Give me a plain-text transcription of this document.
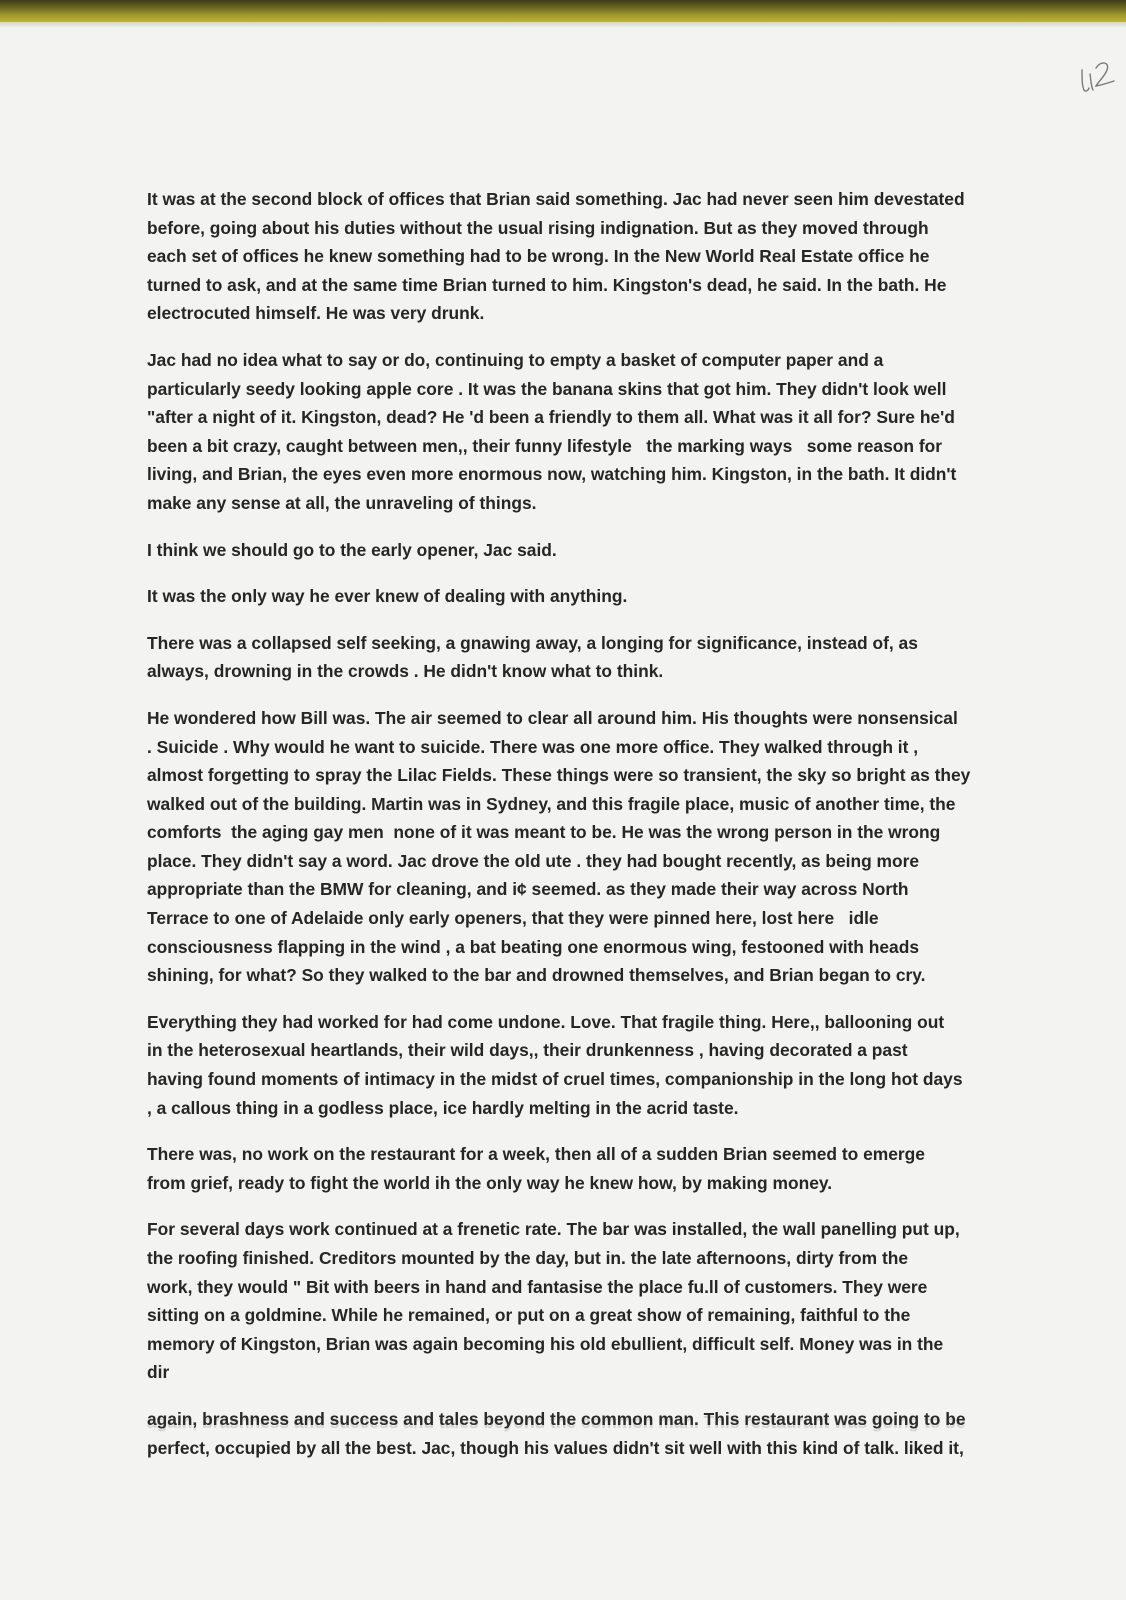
It was at the second block of offices that Brian said something. Jac had never seen him devestated
before, going about his duties without the usual rising indignation. But as they moved through
each set of offices he knew something had to be wrong. In the New World Real Estate office he
turned to ask, and at the same time Brian turned to him. Kingston's dead, he said. In the bath. He
electrocuted himself. He was very drunk.

Jac had no idea what to say or do, continuing to empty a basket of computer paper and a
particularly seedy looking apple core . It was the banana skins that got him. They didn't look well
"after a night of it. Kingston, dead? He 'd been a friendly to them all. What was it all for? Sure he'd
been a bit crazy, caught between men,, their funny lifestyle   the marking ways   some reason for
living, and Brian, the eyes even more enormous now, watching him. Kingston, in the bath. It didn't
make any sense at all, the unraveling of things.

I think we should go to the early opener, Jac said.

It was the only way he ever knew of dealing with anything.

There was a collapsed self seeking, a gnawing away, a longing for significance, instead of, as
always, drowning in the crowds . He didn't know what to think.

He wondered how Bill was. The air seemed to clear all around him. His thoughts were nonsensical
. Suicide . Why would he want to suicide. There was one more office. They walked through it ,
almost forgetting to spray the Lilac Fields. These things were so transient, the sky so bright as they
walked out of the building. Martin was in Sydney, and this fragile place, music of another time, the
comforts  the aging gay men  none of it was meant to be. He was the wrong person in the wrong
place. They didn't say a word. Jac drove the old ute . they had bought recently, as being more
appropriate than the BMW for cleaning, and i¢ seemed. as they made their way across North
Terrace to one of Adelaide only early openers, that they were pinned here, lost here   idle
consciousness flapping in the wind , a bat beating one enormous wing, festooned with heads
shining, for what? So they walked to the bar and drowned themselves, and Brian began to cry.

Everything they had worked for had come undone. Love. That fragile thing. Here,, ballooning out
in the heterosexual heartlands, their wild days,, their drunkenness , having decorated a past
having found moments of intimacy in the midst of cruel times, companionship in the long hot days
, a callous thing in a godless place, ice hardly melting in the acrid taste.

There was, no work on the restaurant for a week, then all of a sudden Brian seemed to emerge
from grief, ready to fight the world ih the only way he knew how, by making money.

For several days work continued at a frenetic rate. The bar was installed, the wall panelling put up,
the roofing finished. Creditors mounted by the day, but in. the late afternoons, dirty from the
work, they would " Bit with beers in hand and fantasise the place fu.ll of customers. They were
sitting on a goldmine. While he remained, or put on a great show of remaining, faithful to the
memory of Kingston, Brian was again becoming his old ebullient, difficult self. Money was in the
dir

again, brashness and success and tales beyond the common man. This restaurant was going to be
perfect, occupied by all the best. Jac, though his values didn't sit well with this kind of talk. liked it,
